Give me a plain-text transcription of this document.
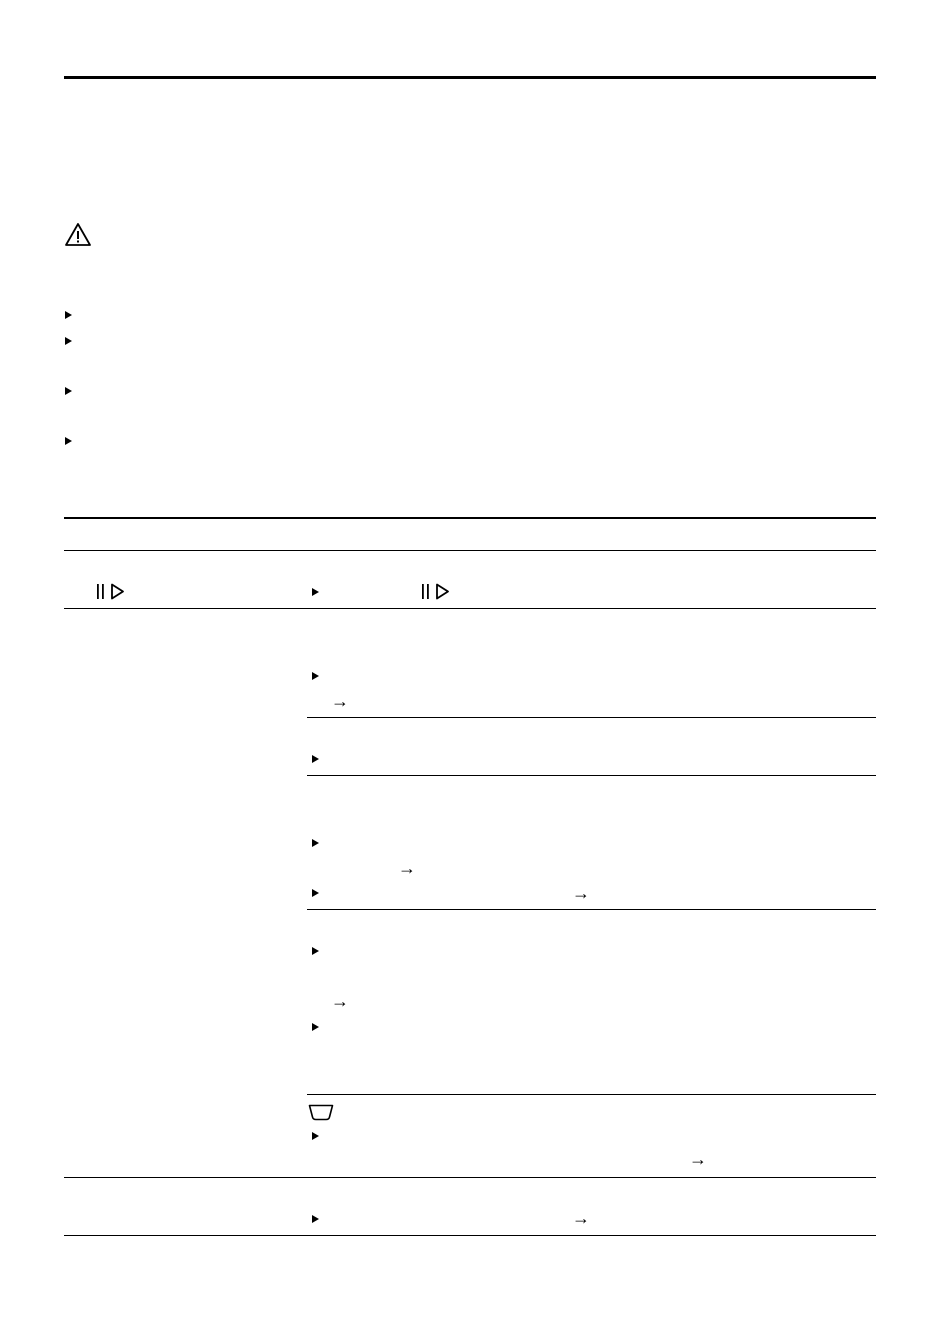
→
→
→
→
→
→
